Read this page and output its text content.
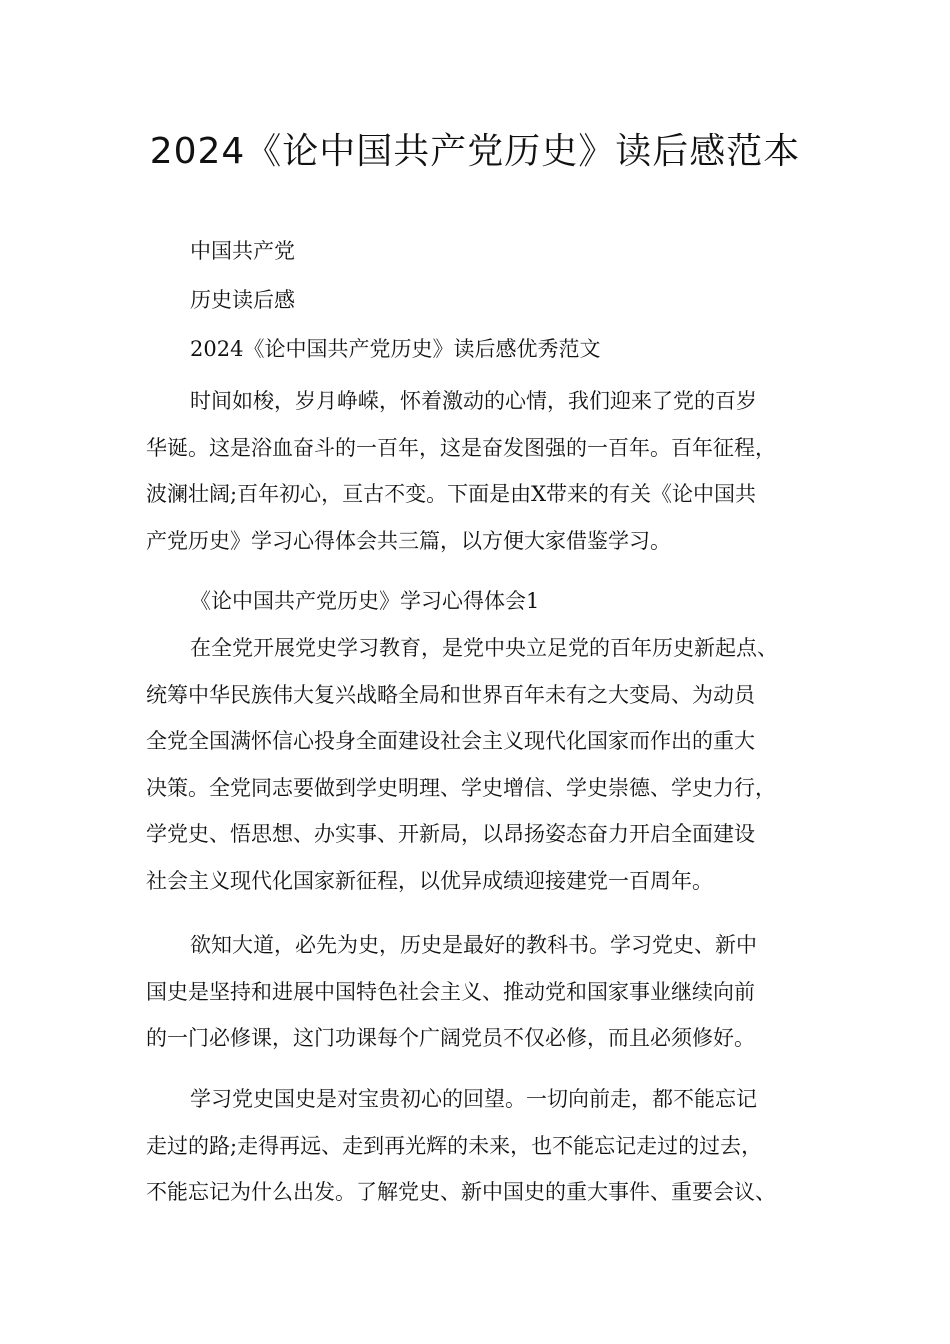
2024《论中国共产党历史》读后感范本
中国共产党
历史读后感
2024《论中国共产党历史》读后感优秀范文
时间如梭，岁月峥嵘，怀着激动的心情，我们迎来了党的百岁
华诞。这是浴血奋斗的一百年，这是奋发图强的一百年。百年征程，
波澜壮阔;百年初心，亘古不变。下面是由X带来的有关《论中国共
产党历史》学习心得体会共三篇，以方便大家借鉴学习。
《论中国共产党历史》学习心得体会1
在全党开展党史学习教育，是党中央立足党的百年历史新起点、
统筹中华民族伟大复兴战略全局和世界百年未有之大变局、为动员
全党全国满怀信心投身全面建设社会主义现代化国家而作出的重大
决策。全党同志要做到学史明理、学史增信、学史崇德、学史力行，
学党史、悟思想、办实事、开新局，以昂扬姿态奋力开启全面建设
社会主义现代化国家新征程，以优异成绩迎接建党一百周年。
欲知大道，必先为史，历史是最好的教科书。学习党史、新中
国史是坚持和进展中国特色社会主义、推动党和国家事业继续向前
的一门必修课，这门功课每个广阔党员不仅必修，而且必须修好。
学习党史国史是对宝贵初心的回望。一切向前走，都不能忘记
走过的路;走得再远、走到再光辉的未来，也不能忘记走过的过去，
不能忘记为什么出发。了解党史、新中国史的重大事件、重要会议、
